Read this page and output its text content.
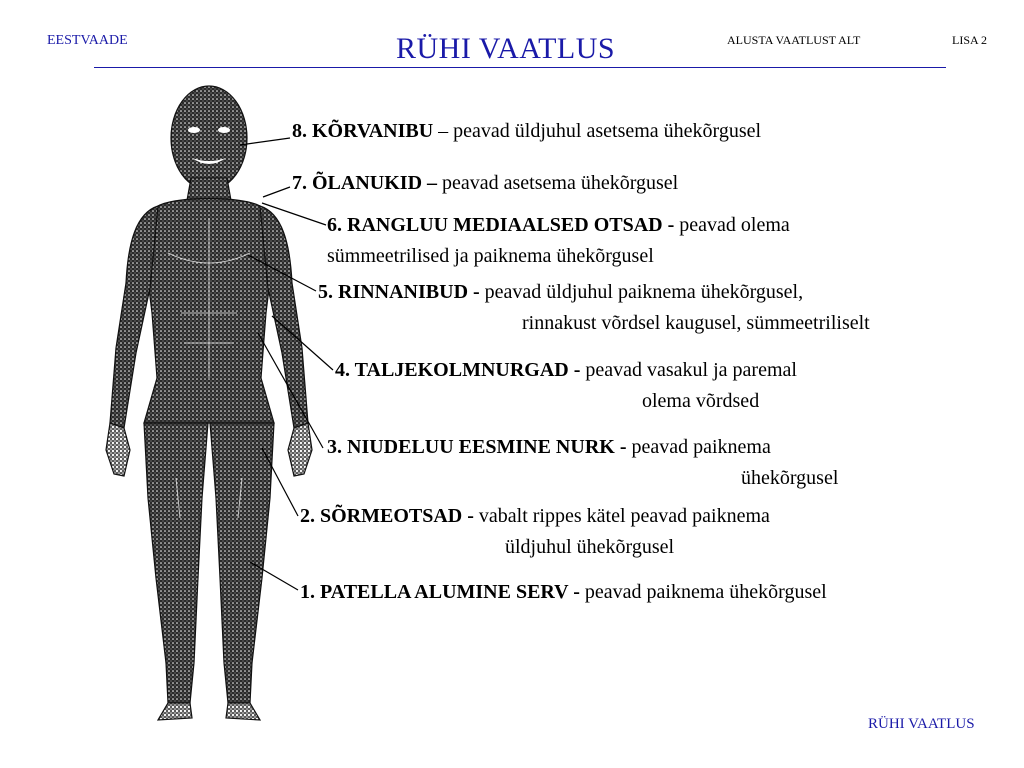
EESTVAADE	RÜHI VAATLUS	ALUSTA VAATLUST ALT	LISA 2
8. KÕRVANIBU – peavad üldjuhul asetsema ühekõrgusel
7. ÕLANUKID – peavad asetsema ühekõrgusel
6. RANGLUU MEDIAALSED OTSAD - peavad olema
sümmeetrilised ja paiknema ühekõrgusel
5. RINNANIBUD - peavad üldjuhul paiknema ühekõrgusel,
rinnakust võrdsel kaugusel, sümmeetriliselt
4. TALJEKOLMNURGAD - peavad vasakul ja paremal
olema võrdsed
3. NIUDELUU EESMINE NURK - peavad paiknema
ühekõrgusel
2. SÕRMEOTSAD - vabalt rippes kätel peavad paiknema
üldjuhul ühekõrgusel
1. PATELLA ALUMINE SERV - peavad paiknema ühekõrgusel
RÜHI VAATLUS
